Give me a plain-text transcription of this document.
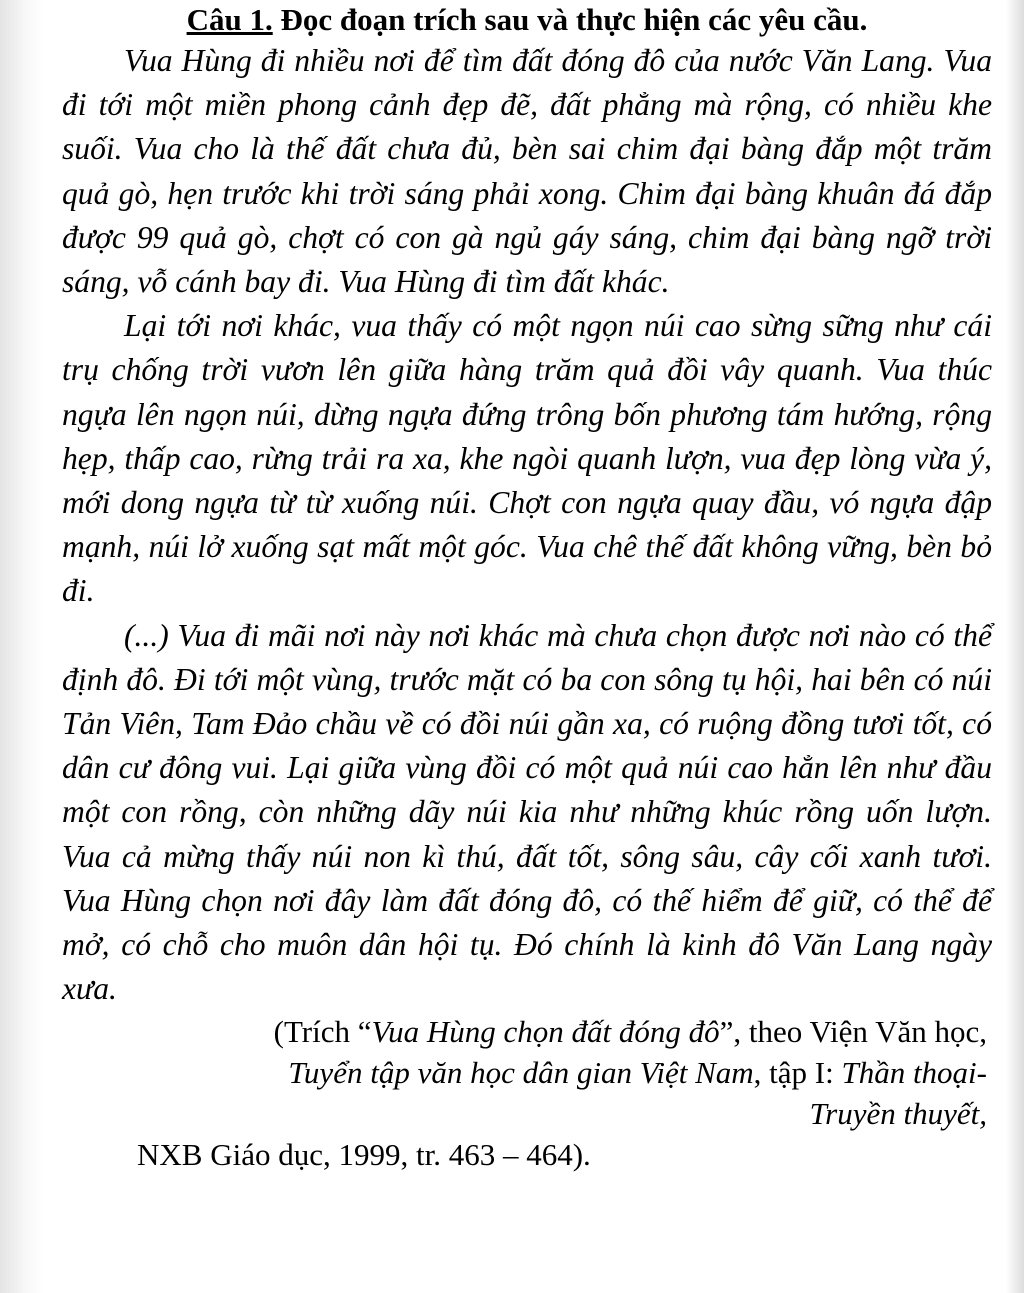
Câu 1. Đọc đoạn trích sau và thực hiện các yêu cầu.

Vua Hùng đi nhiều nơi để tìm đất đóng đô của nước Văn Lang. Vua đi tới một miền phong cảnh đẹp đẽ, đất phẳng mà rộng, có nhiều khe suối. Vua cho là thế đất chưa đủ, bèn sai chim đại bàng đắp một trăm quả gò, hẹn trước khi trời sáng phải xong. Chim đại bàng khuân đá đắp được 99 quả gò, chợt có con gà ngủ gáy sáng, chim đại bàng ngỡ trời sáng, vỗ cánh bay đi. Vua Hùng đi tìm đất khác.

Lại tới nơi khác, vua thấy có một ngọn núi cao sừng sững như cái trụ chống trời vươn lên giữa hàng trăm quả đồi vây quanh. Vua thúc ngựa lên ngọn núi, dừng ngựa đứng trông bốn phương tám hướng, rộng hẹp, thấp cao, rừng trải ra xa, khe ngòi quanh lượn, vua đẹp lòng vừa ý, mới dong ngựa từ từ xuống núi. Chợt con ngựa quay đầu, vó ngựa đập mạnh, núi lở xuống sạt mất một góc. Vua chê thế đất không vững, bèn bỏ đi.

(...) Vua đi mãi nơi này nơi khác mà chưa chọn được nơi nào có thể định đô. Đi tới một vùng, trước mặt có ba con sông tụ hội, hai bên có núi Tản Viên, Tam Đảo chầu về có đồi núi gần xa, có ruộng đồng tươi tốt, có dân cư đông vui. Lại giữa vùng đồi có một quả núi cao hẳn lên như đầu một con rồng, còn những dãy núi kia như những khúc rồng uốn lượn. Vua cả mừng thấy núi non kì thú, đất tốt, sông sâu, cây cối xanh tươi. Vua Hùng chọn nơi đây làm đất đóng đô, có thế hiểm để giữ, có thể để mở, có chỗ cho muôn dân hội tụ. Đó chính là kinh đô Văn Lang ngày xưa.

(Trích “Vua Hùng chọn đất đóng đô”, theo Viện Văn học,
Tuyển tập văn học dân gian Việt Nam, tập I: Thần thoại-
Truyền thuyết,
NXB Giáo dục, 1999, tr. 463 – 464).
